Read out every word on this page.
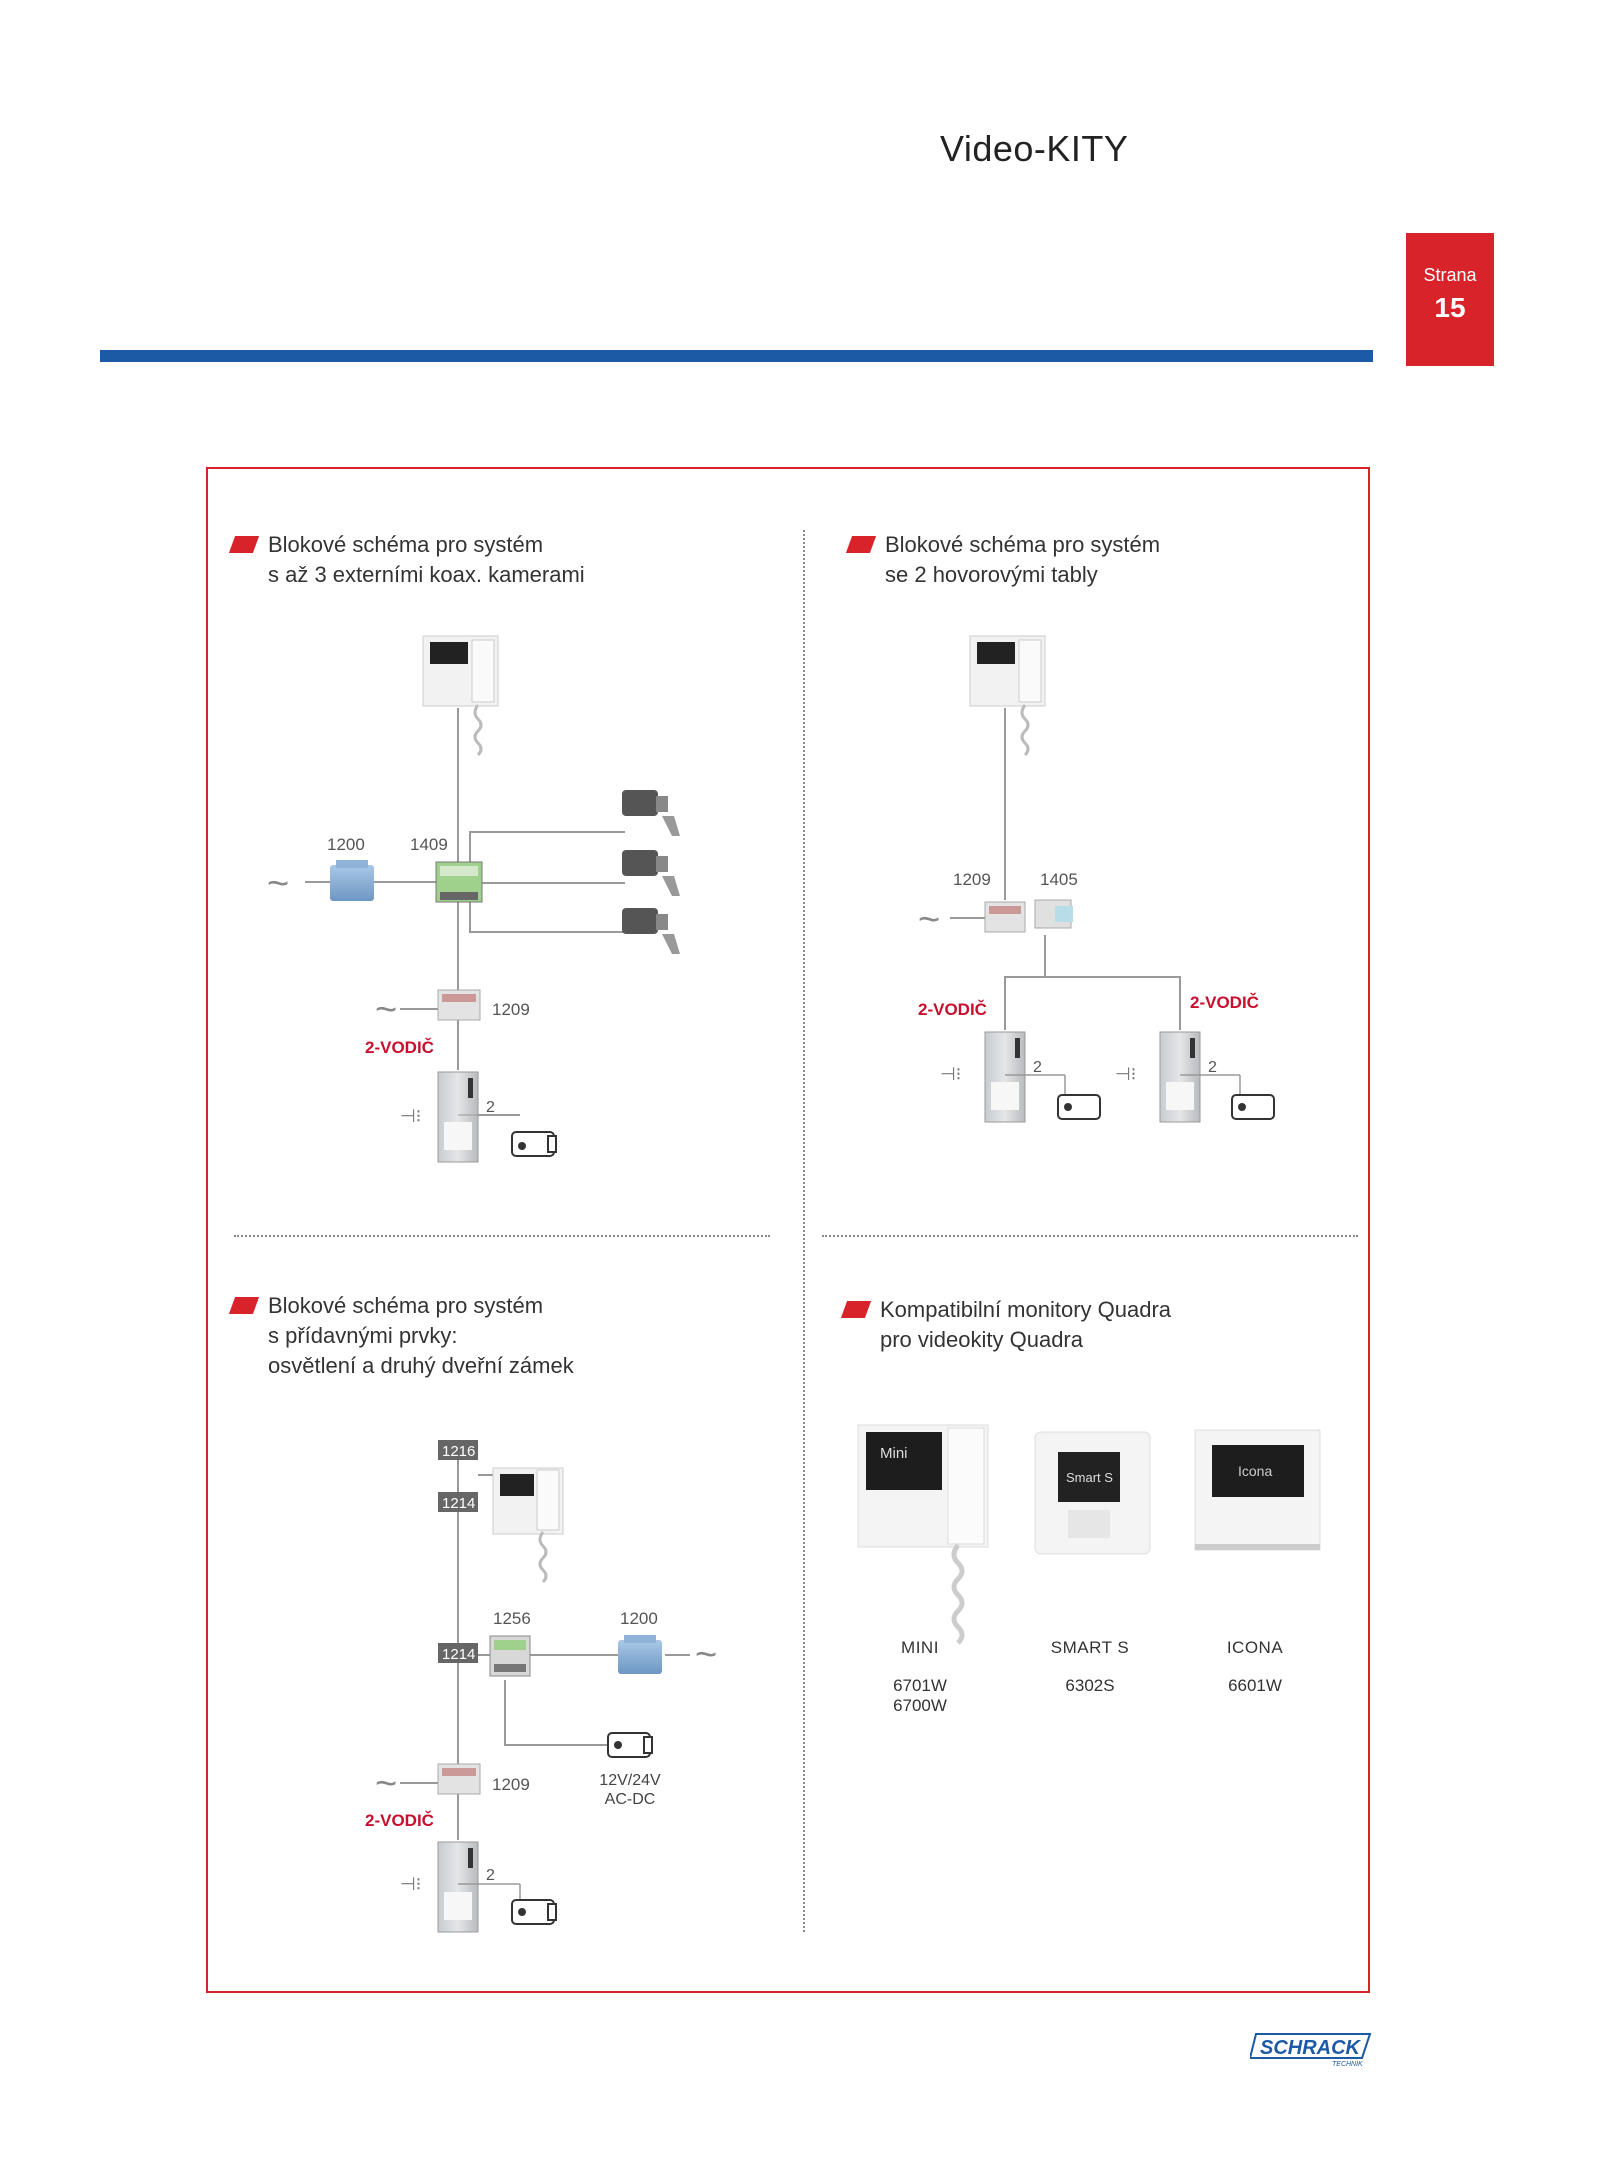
Video-KITY
Strana
15
Blokové schéma pro systém
s až 3 externími koax. kamerami
Blokové schéma pro systém
se 2 hovorovými tably
Blokové schéma pro systém
s přídavnými prvky:
osvětlení a druhý dveřní zámek
Kompatibilní monitory Quadra
pro videokity Quadra
1200
~
1409
~	1209
2-VODIČ
2
⊣⁝
1209	1405
~
2-VODIČ	2-VODIČ
2	2
⊣⁝	⊣⁝
1216
1214
1214
1256	1200
~
12V/24V
AC-DC
~	1209
2-VODIČ
2
⊣⁝
Mini
Smart S	Icona
MINI
6701W
6700W
SMART S
6302S
ICONA
6601W
SCHRACK
TECHNIK
